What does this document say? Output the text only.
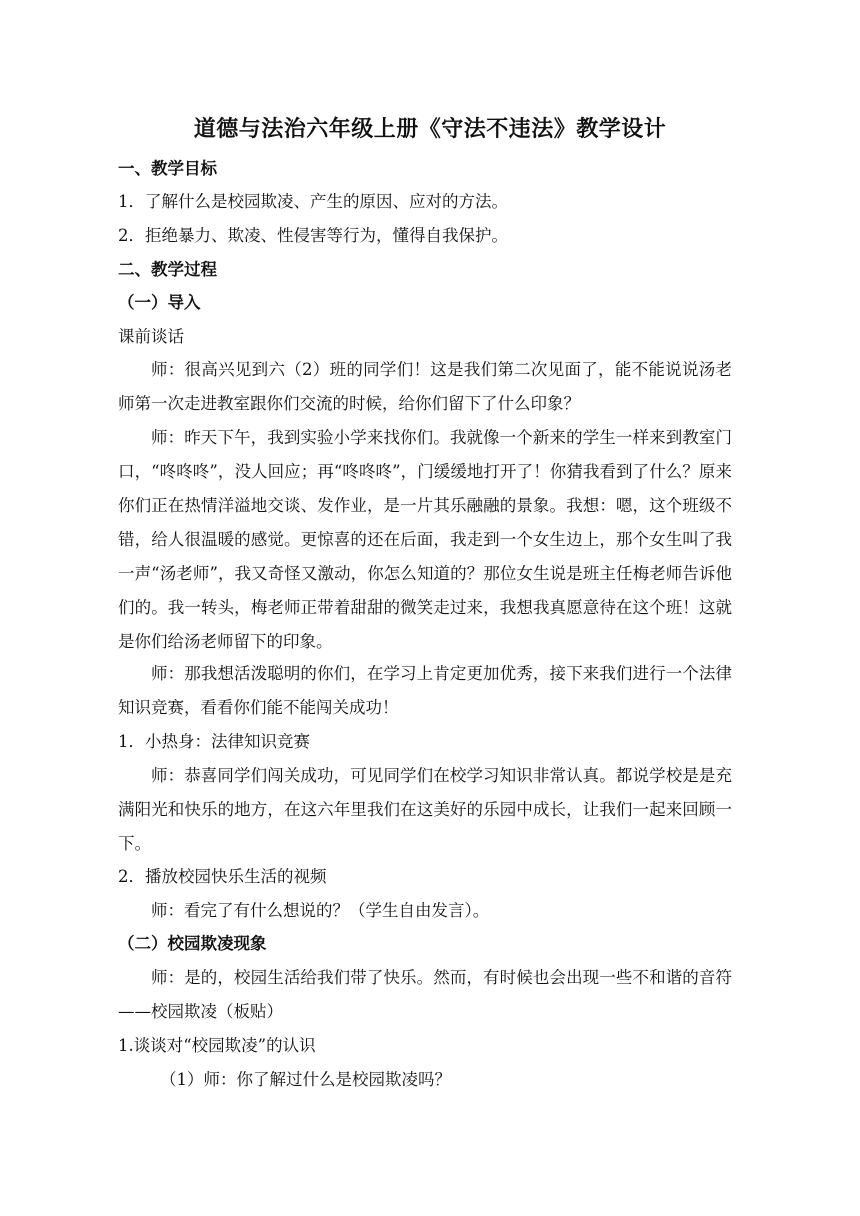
道德与法治六年级上册《守法不违法》教学设计
一、教学目标
1．了解什么是校园欺凌、产生的原因、应对的方法。
2．拒绝暴力、欺凌、性侵害等行为，懂得自我保护。
二、教学过程
（一）导入
课前谈话
师：很高兴见到六（2）班的同学们！这是我们第二次见面了，能不能说说汤老师第一次走进教室跟你们交流的时候，给你们留下了什么印象？
师：昨天下午，我到实验小学来找你们。我就像一个新来的学生一样来到教室门口，“咚咚咚”，没人回应；再“咚咚咚”，门缓缓地打开了！你猜我看到了什么？原来你们正在热情洋溢地交谈、发作业，是一片其乐融融的景象。我想：嗯，这个班级不错，给人很温暖的感觉。更惊喜的还在后面，我走到一个女生边上，那个女生叫了我一声“汤老师”，我又奇怪又激动，你怎么知道的？那位女生说是班主任梅老师告诉他们的。我一转头，梅老师正带着甜甜的微笑走过来，我想我真愿意待在这个班！这就是你们给汤老师留下的印象。
师：那我想活泼聪明的你们，在学习上肯定更加优秀，接下来我们进行一个法律知识竞赛，看看你们能不能闯关成功！
1．小热身：法律知识竞赛
师：恭喜同学们闯关成功，可见同学们在校学习知识非常认真。都说学校是是充满阳光和快乐的地方，在这六年里我们在这美好的乐园中成长，让我们一起来回顾一下。
2．播放校园快乐生活的视频
师：看完了有什么想说的？（学生自由发言）。
（二）校园欺凌现象
师：是的，校园生活给我们带了快乐。然而，有时候也会出现一些不和谐的音符——校园欺凌（板贴）
1.谈谈对“校园欺凌”的认识
（1）师：你了解过什么是校园欺凌吗？
